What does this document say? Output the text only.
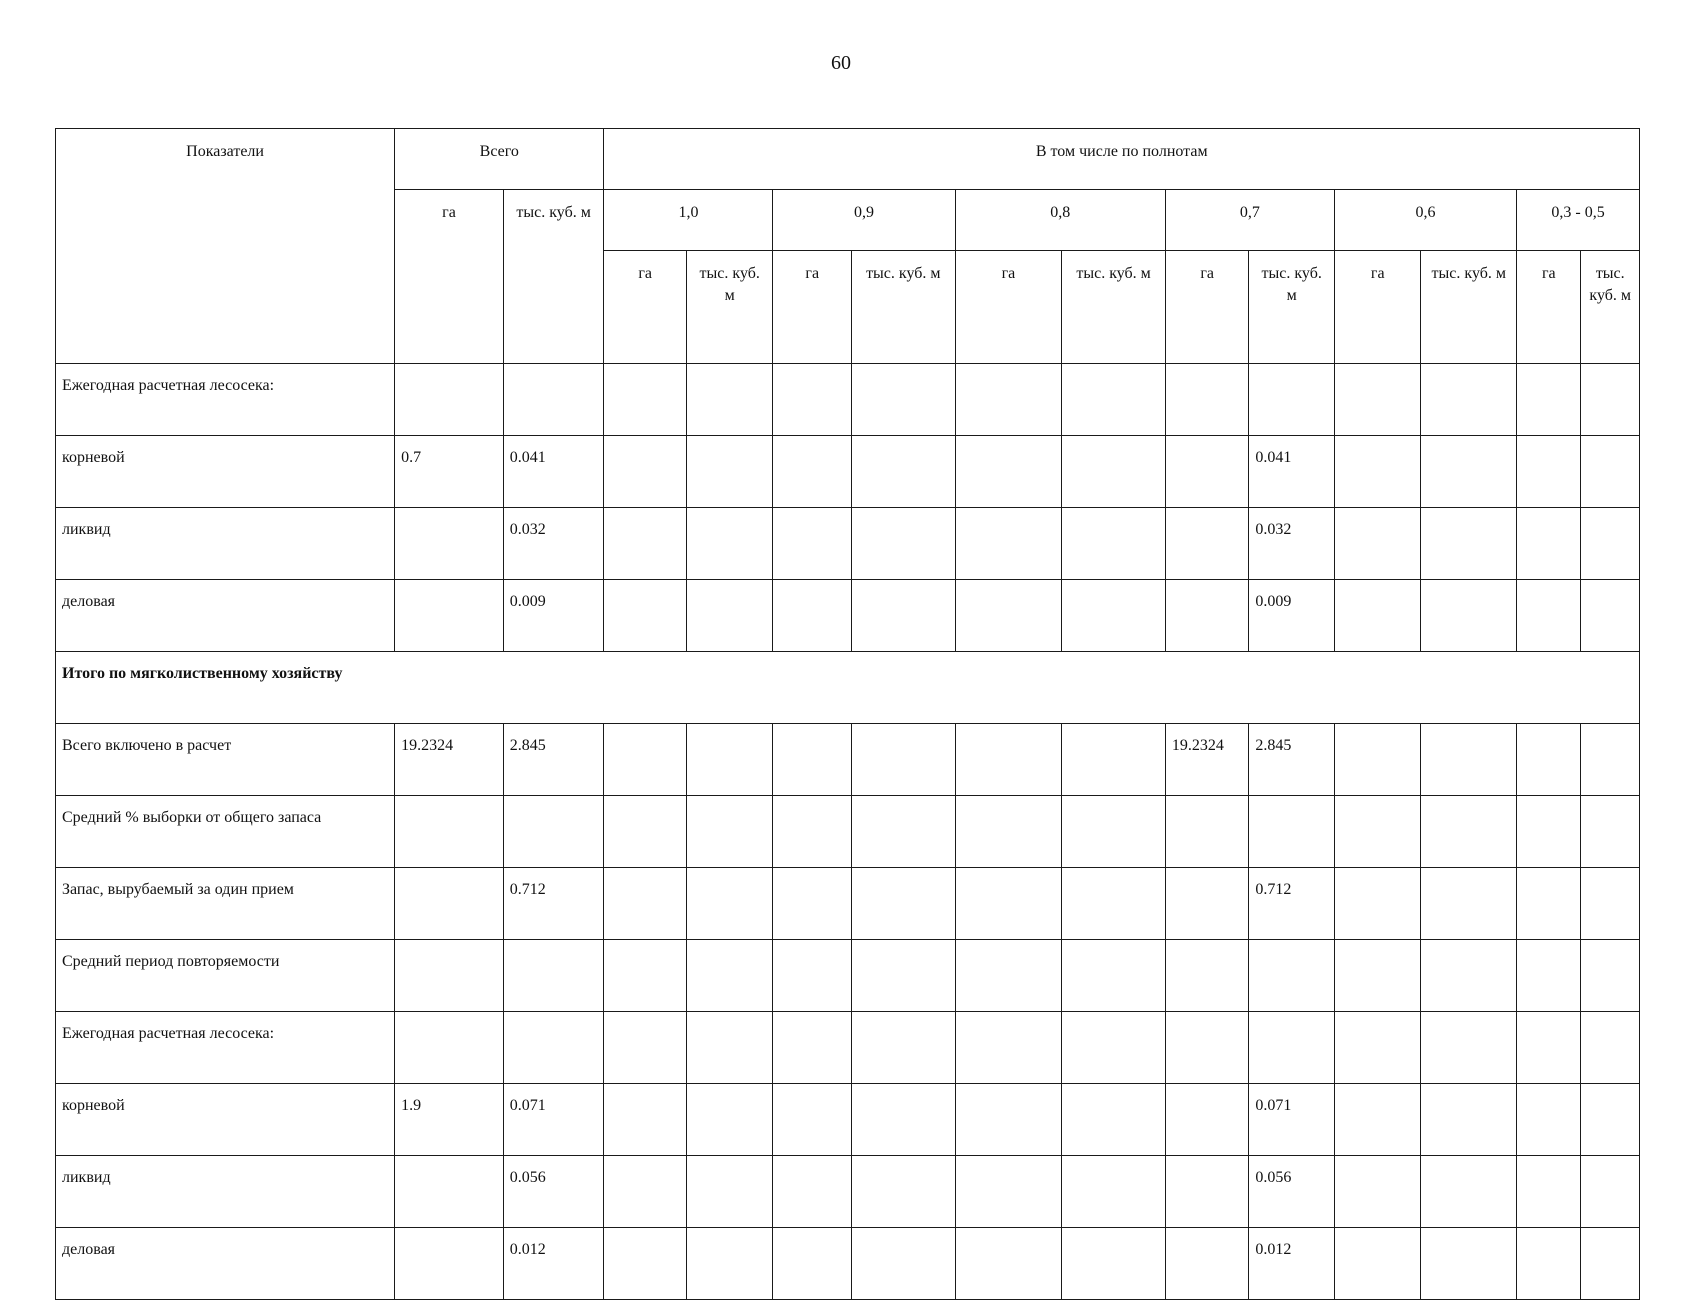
60
Показатели	Всего		В том числе по полнотам											
	га	тыс. куб. м	1,0		0,9		0,8		0,7		0,6		0,3 - 0,5	
			га	тыс. куб. м	га	тыс. куб. м	га	тыс. куб. м	га	тыс. куб. м	га	тыс. куб. м	га	тыс. куб. м
Ежегодная расчетная лесосека:														
корневой	0.7	0.041								0.041				
ликвид		0.032								0.032				
деловая		0.009								0.009				
Итого по мягколиственному хозяйству														
Всего включено в расчет	19.2324	2.845							19.2324	2.845				
Средний % выборки от общего запаса														
Запас, вырубаемый за один прием		0.712								0.712				
Средний период повторяемости														
Ежегодная расчетная лесосека:														
корневой	1.9	0.071								0.071				
ликвид		0.056								0.056				
деловая		0.012								0.012				
